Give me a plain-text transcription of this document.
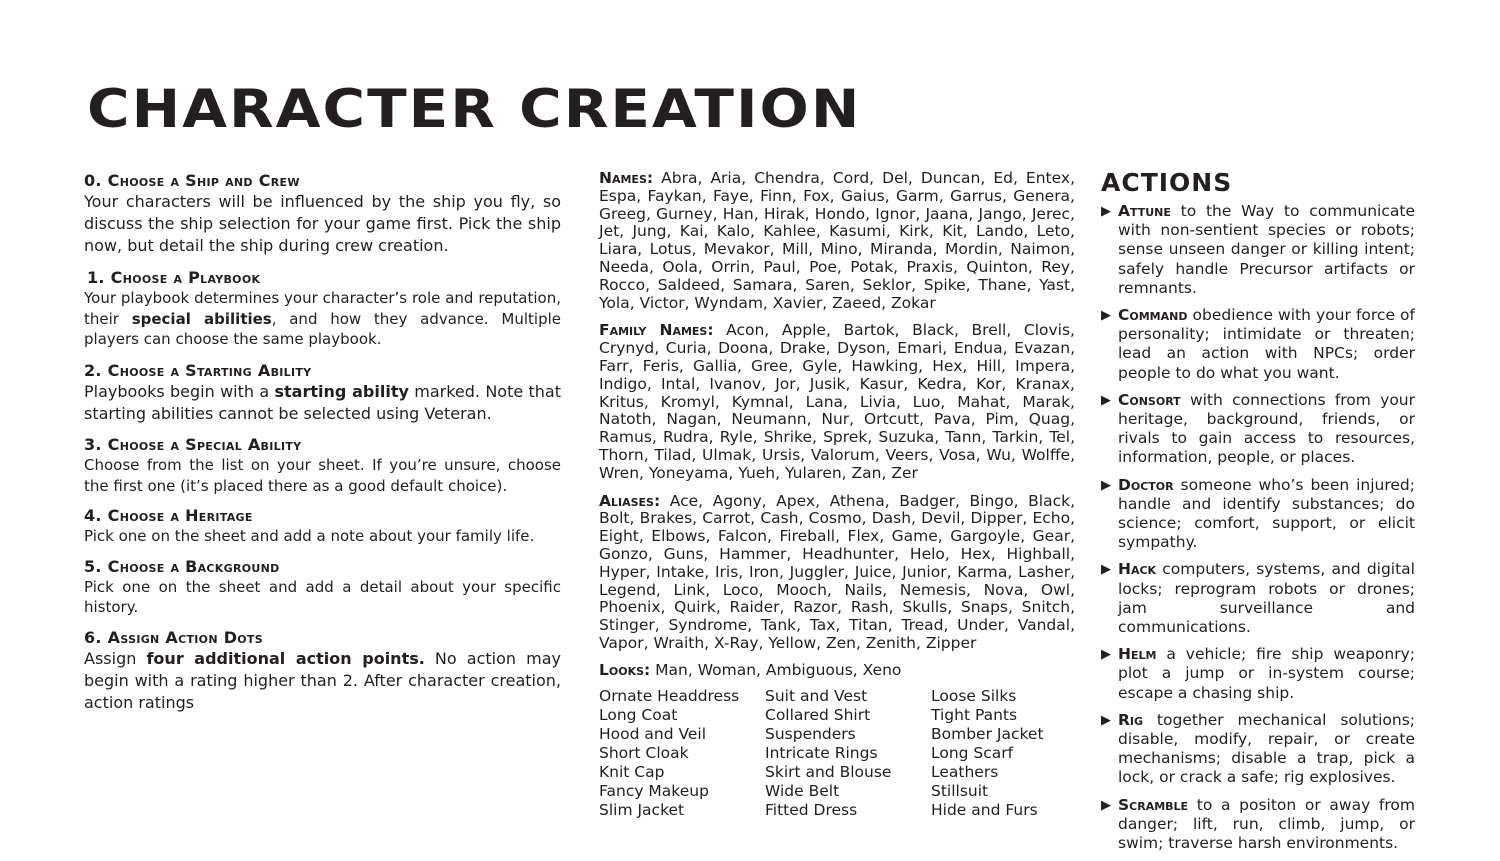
CHARACTER CREATION
0. Choose a Ship and Crew

Your characters will be influenced by the ship you fly, so discuss the ship selection for your game first. Pick the ship now, but detail the ship during crew creation.

1. Choose a Playbook

Your playbook determines your character’s role and reputation, their special abilities, and how they advance. Multiple players can choose the same playbook.

2. Choose a Starting Ability

Playbooks begin with a starting ability marked. Note that starting abilities cannot be selected using Veteran.

3. Choose a Special Ability

Choose from the list on your sheet. If you’re unsure, choose the first one (it’s placed there as a good default choice).

4. Choose a Heritage

Pick one on the sheet and add a note about your family life.

5. Choose a Background

Pick one on the sheet and add a detail about your specific history.

6. Assign Action Dots

Assign four additional action points. No action may begin with a rating higher than 2. After character creation, action ratings

Names: Abra, Aria, Chendra, Cord, Del, Duncan, Ed, Entex, Espa, Faykan, Faye, Finn, Fox, Gaius, Garm, Garrus, Genera, Greeg, Gurney, Han, Hirak, Hondo, Ignor, Jaana, Jango, Jerec, Jet, Jung, Kai, Kalo, Kahlee, Kasumi, Kirk, Kit, Lando, Leto, Liara, Lotus, Mevakor, Mill, Mino, Miranda, Mordin, Naimon, Needa, Oola, Orrin, Paul, Poe, Potak, Praxis, Quinton, Rey, Rocco, Saldeed, Samara, Saren, Seklor, Spike, Thane, Yast, Yola, Victor, Wyndam, Xavier, Zaeed, Zokar

Family Names: Acon, Apple, Bartok, Black, Brell, Clovis, Crynyd, Curia, Doona, Drake, Dyson, Emari, Endua, Evazan, Farr, Feris, Gallia, Gree, Gyle, Hawking, Hex, Hill, Impera, Indigo, Intal, Ivanov, Jor, Jusik, Kasur, Kedra, Kor, Kranax, Kritus, Kromyl, Kymnal, Lana, Livia, Luo, Mahat, Marak, Natoth, Nagan, Neumann, Nur, Ortcutt, Pava, Pim, Quag, Ramus, Rudra, Ryle, Shrike, Sprek, Suzuka, Tann, Tarkin, Tel, Thorn, Tilad, Ulmak, Ursis, Valorum, Veers, Vosa, Wu, Wolffe, Wren, Yoneyama, Yueh, Yularen, Zan, Zer

Aliases: Ace, Agony, Apex, Athena, Badger, Bingo, Black, Bolt, Brakes, Carrot, Cash, Cosmo, Dash, Devil, Dipper, Echo, Eight, Elbows, Falcon, Fireball, Flex, Game, Gargoyle, Gear, Gonzo, Guns, Hammer, Headhunter, Helo, Hex, Highball, Hyper, Intake, Iris, Iron, Juggler, Juice, Junior, Karma, Lasher, Legend, Link, Loco, Mooch, Nails, Nemesis, Nova, Owl, Phoenix, Quirk, Raider, Razor, Rash, Skulls, Snaps, Snitch, Stinger, Syndrome, Tank, Tax, Titan, Tread, Under, Vandal, Vapor, Wraith, X-Ray, Yellow, Zen, Zenith, Zipper

Looks: Man, Woman, Ambiguous, Xeno

Ornate Headdress	Suit and Vest	Loose Silks
Long Coat	Collared Shirt	Tight Pants
Hood and Veil	Suspenders	Bomber Jacket
Short Cloak	Intricate Rings	Long Scarf
Knit Cap	Skirt and Blouse	Leathers
Fancy Makeup	Wide Belt	Stillsuit
Slim Jacket	Fitted Dress	Hide and Furs
ACTIONS
▶ Attune to the Way to communicate with non-sentient species or robots; sense unseen danger or killing intent; safely handle Precursor artifacts or remnants.
▶ Command obedience with your force of personality; intimidate or threaten; lead an action with NPCs; order people to do what you want.
▶ Consort with connections from your heritage, background, friends, or rivals to gain access to resources, information, people, or places.
▶ Doctor someone who’s been injured; handle and identify substances; do science; comfort, support, or elicit sympathy.
▶ Hack computers, systems, and digital locks; reprogram robots or drones; jam surveillance and communications.
▶ Helm a vehicle; fire ship weaponry; plot a jump or in-system course; escape a chasing ship.
▶ Rig together mechanical solutions; disable, modify, repair, or create mechanisms; disable a trap, pick a lock, or crack a safe; rig explosives.
▶ Scramble to a positon or away from danger; lift, run, climb, jump, or swim; traverse harsh environments.
